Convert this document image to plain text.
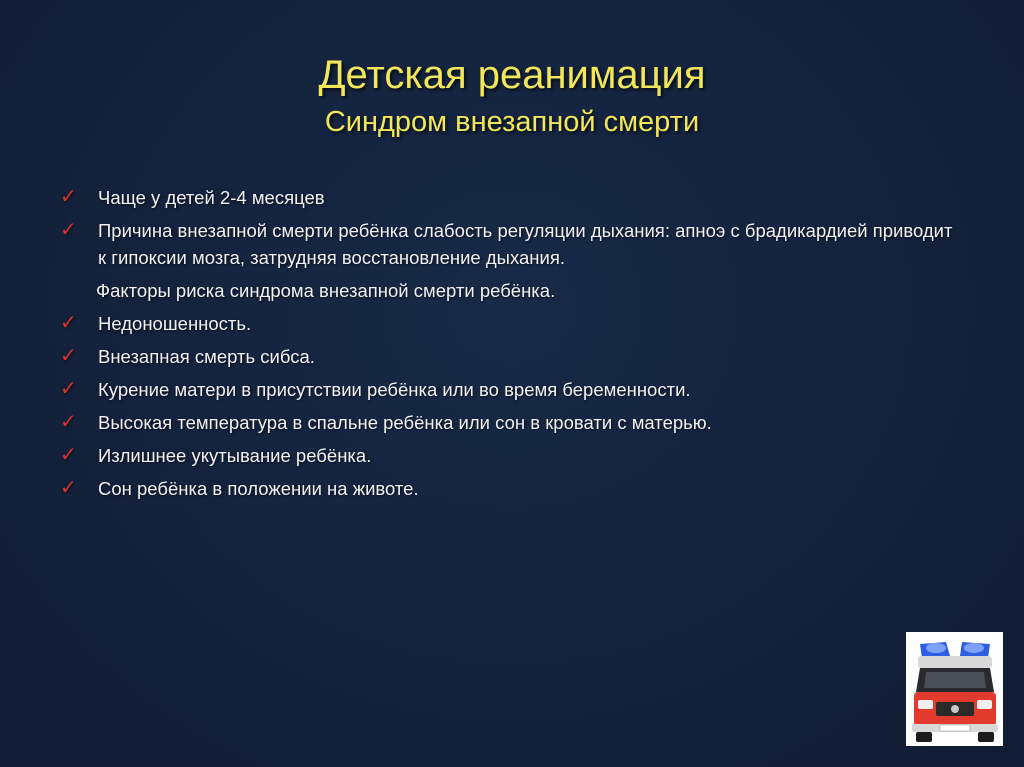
Детская реанимация
Синдром внезапной смерти
✓ Чаще у детей 2-4 месяцев
✓ Причина внезапной смерти ребёнка слабость регуляции дыхания: апноэ с брадикардией приводит к гипоксии мозга, затрудняя восстановление дыхания.
Факторы риска синдрома внезапной смерти ребёнка.
✓ Недоношенность.
✓ Внезапная смерть сибса.
✓ Курение матери в присутствии ребёнка или во время беременности.
✓ Высокая температура в спальне ребёнка или сон в кровати с матерью.
✓ Излишнее укутывание ребёнка.
✓ Сон ребёнка в положении на животе.
